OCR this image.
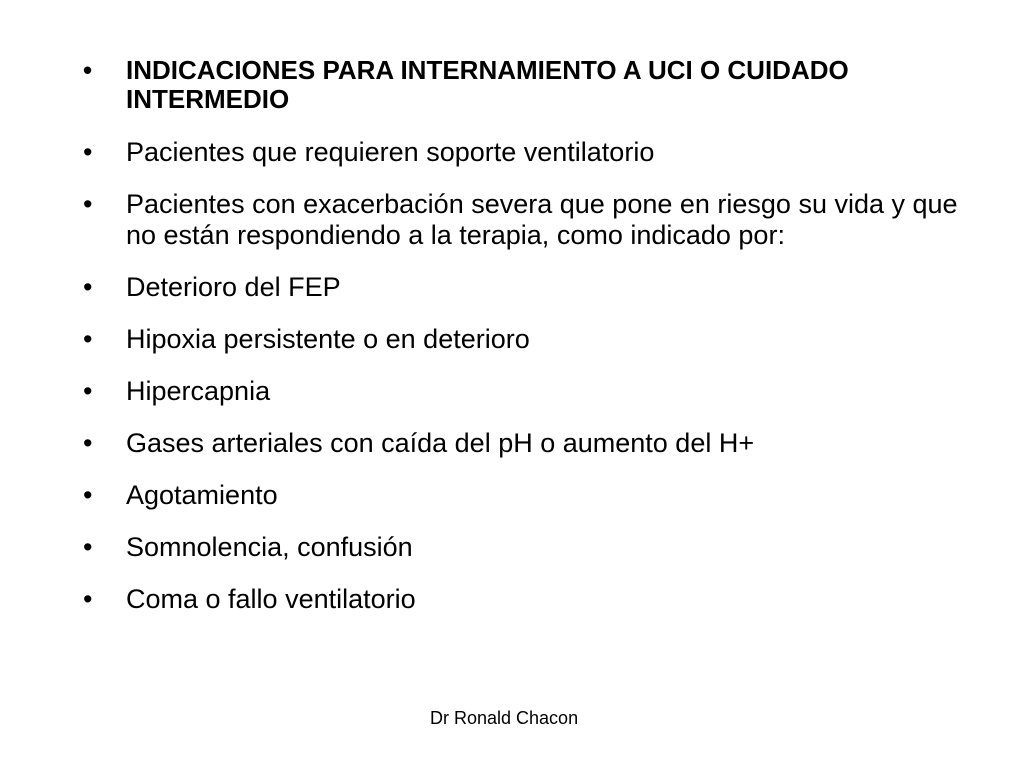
•	INDICACIONES PARA INTERNAMIENTO A UCI O CUIDADO INTERMEDIO
•	Pacientes que requieren soporte ventilatorio
•	Pacientes con exacerbación severa que pone en riesgo su vida y que no están respondiendo a la terapia, como indicado por:
•	Deterioro del FEP
•	Hipoxia persistente o en deterioro
•	Hipercapnia
•	Gases arteriales con caída del pH o aumento del H+
•	Agotamiento
•	Somnolencia, confusión
•	Coma o fallo ventilatorio
Dr Ronald Chacon
